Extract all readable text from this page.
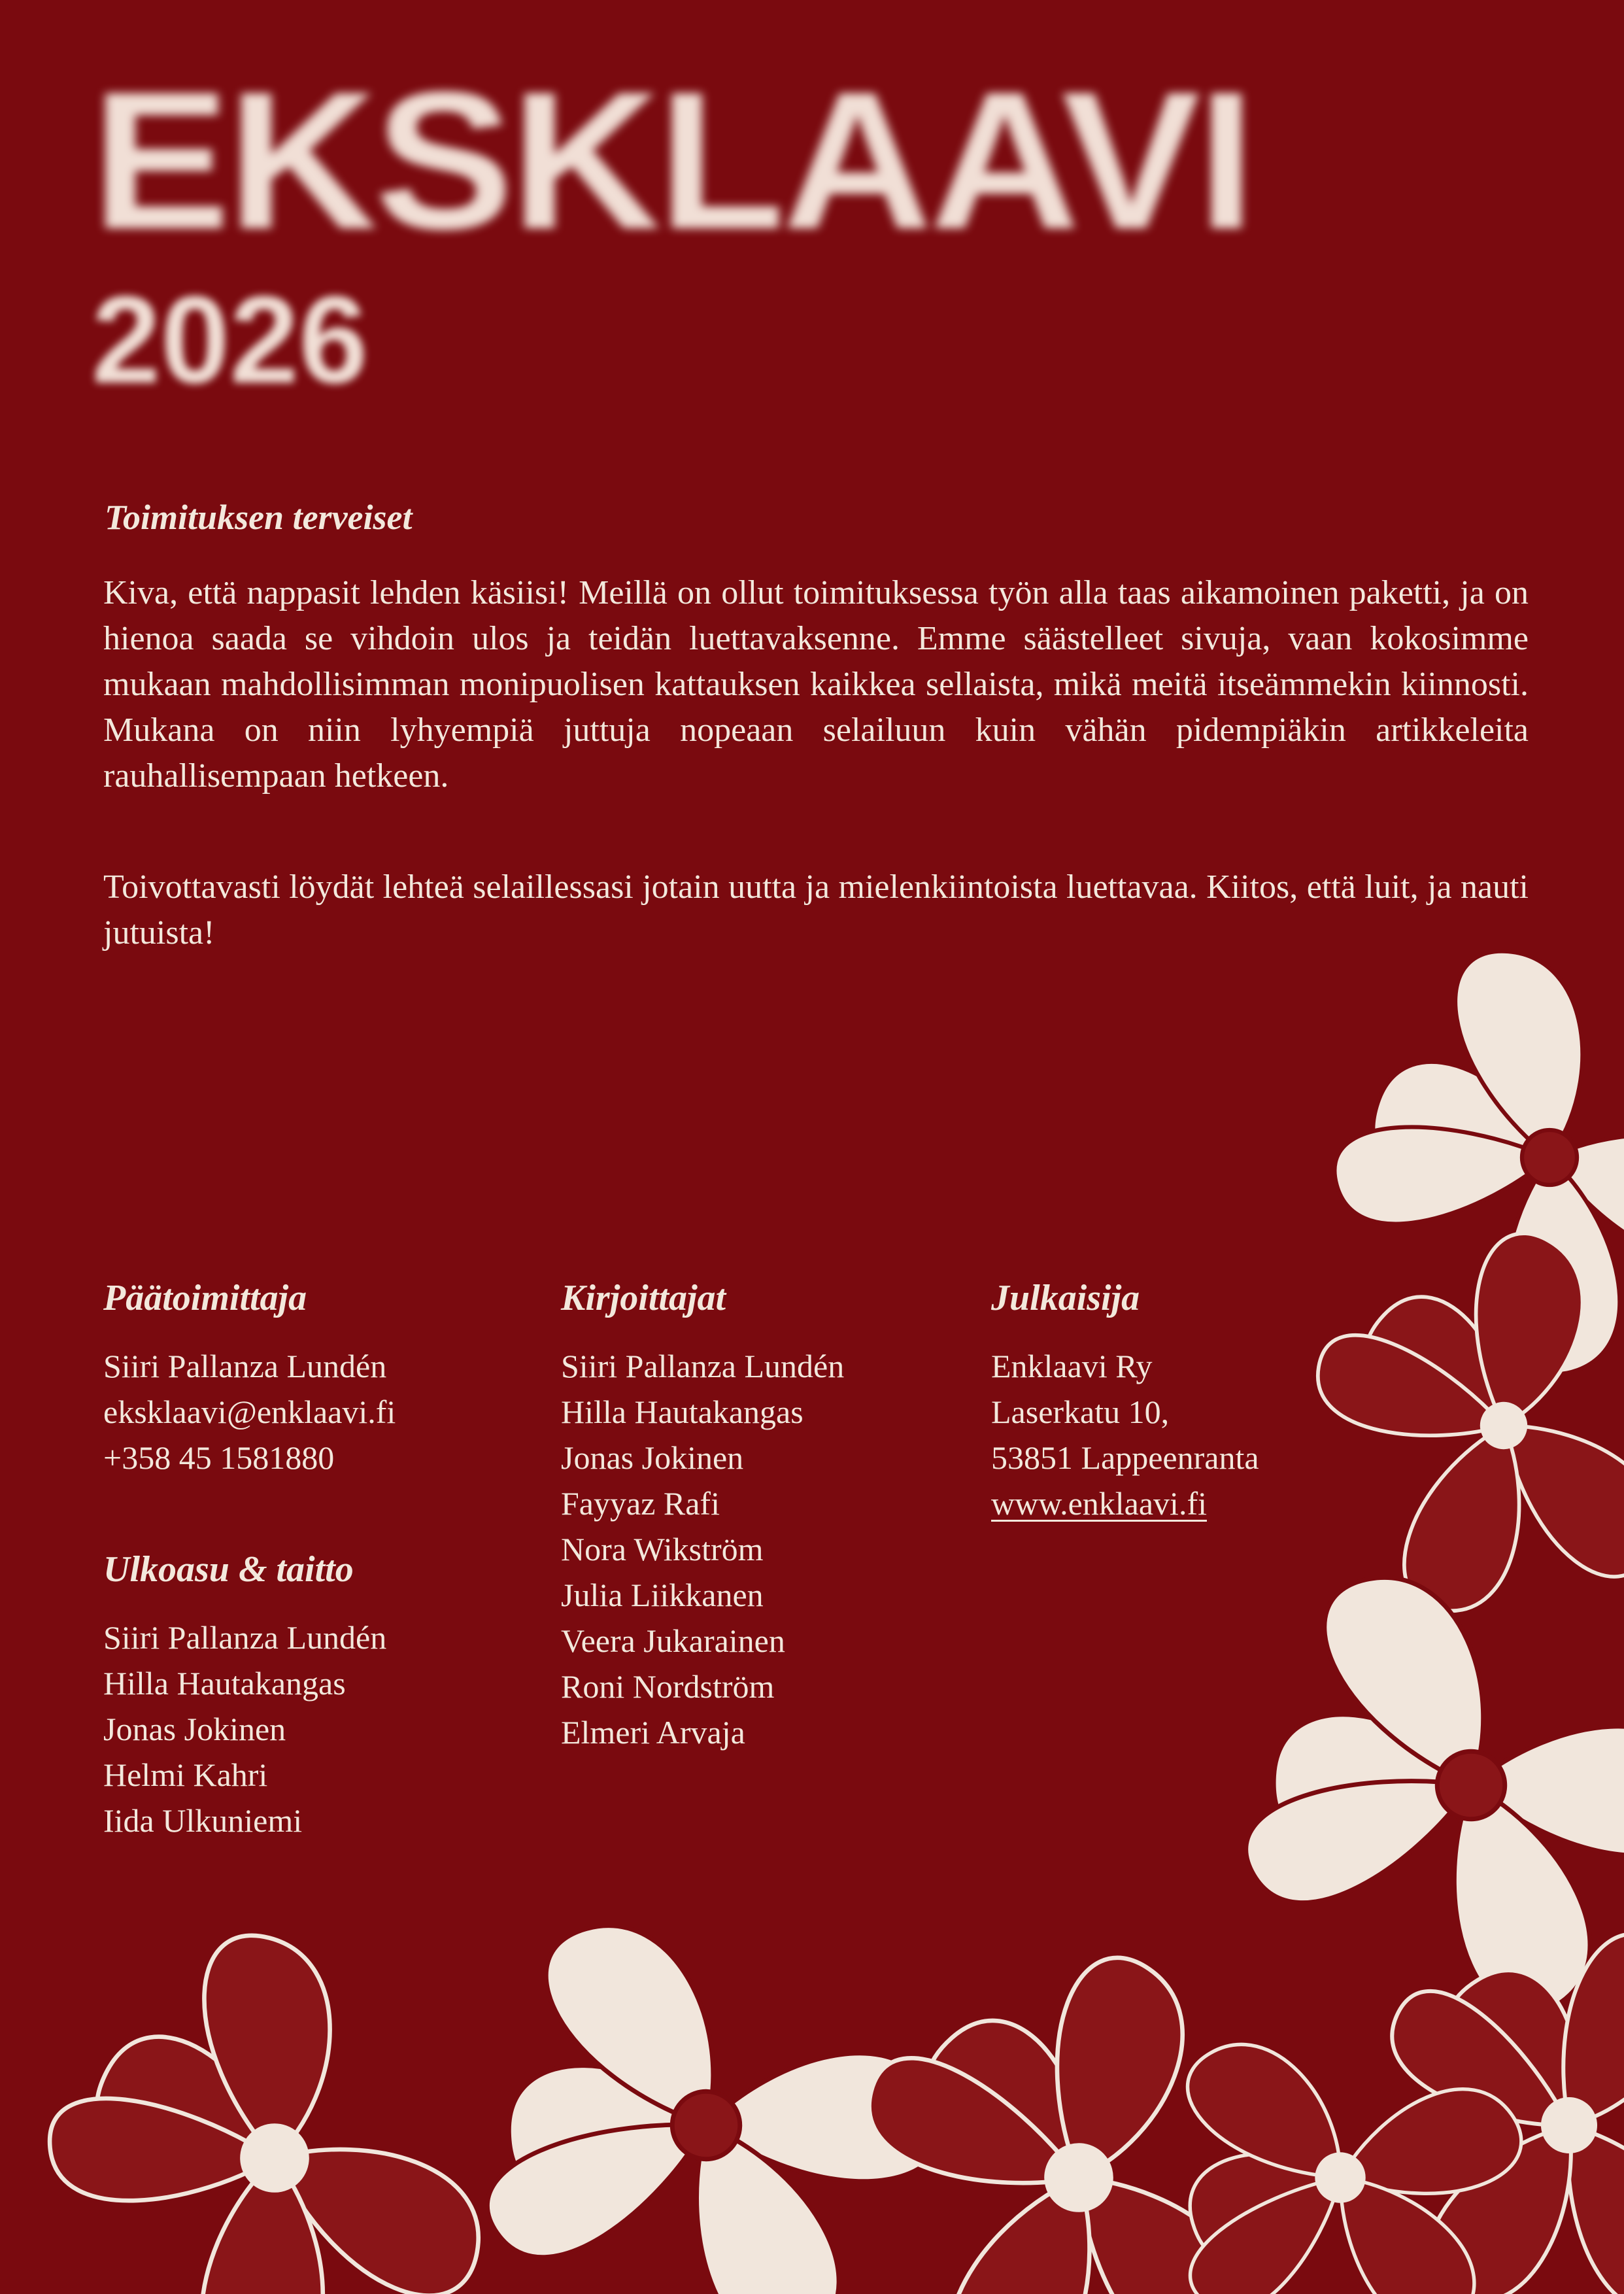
EKSKLAAVI
2026
Toimituksen terveiset

Kiva, että nappasit lehden käsiisi! Meillä on ollut toimituksessa työn alla taas aikamoinen paketti, ja on hienoa saada se vihdoin ulos ja teidän luettavaksenne. Emme säästelleet sivuja, vaan kokosimme mukaan mahdollisimman monipuolisen kattauksen kaikkea sellaista, mikä meitä itseämmekin kiinnosti. Mukana on niin lyhyempiä juttuja nopeaan selailuun kuin vähän pidempiäkin artikkeleita rauhallisempaan hetkeen.

Toivottavasti löydät lehteä selaillessasi jotain uutta ja mielenkiintoista luettavaa. Kiitos, että luit, ja nauti jutuista!

Päätoimittaja
Siiri Pallanza Lundén
eksklaavi@enklaavi.fi
+358 45 1581880
Ulkoasu & taitto
Siiri Pallanza Lundén
Hilla Hautakangas
Jonas Jokinen
Helmi Kahri
Iida Ulkuniemi
Kirjoittajat
Siiri Pallanza Lundén
Hilla Hautakangas
Jonas Jokinen
Fayyaz Rafi
Nora Wikström
Julia Liikkanen
Veera Jukarainen
Roni Nordström
Elmeri Arvaja
Julkaisija
Enklaavi Ry
Laserkatu 10,
53851 Lappeenranta
www.enklaavi.fi
